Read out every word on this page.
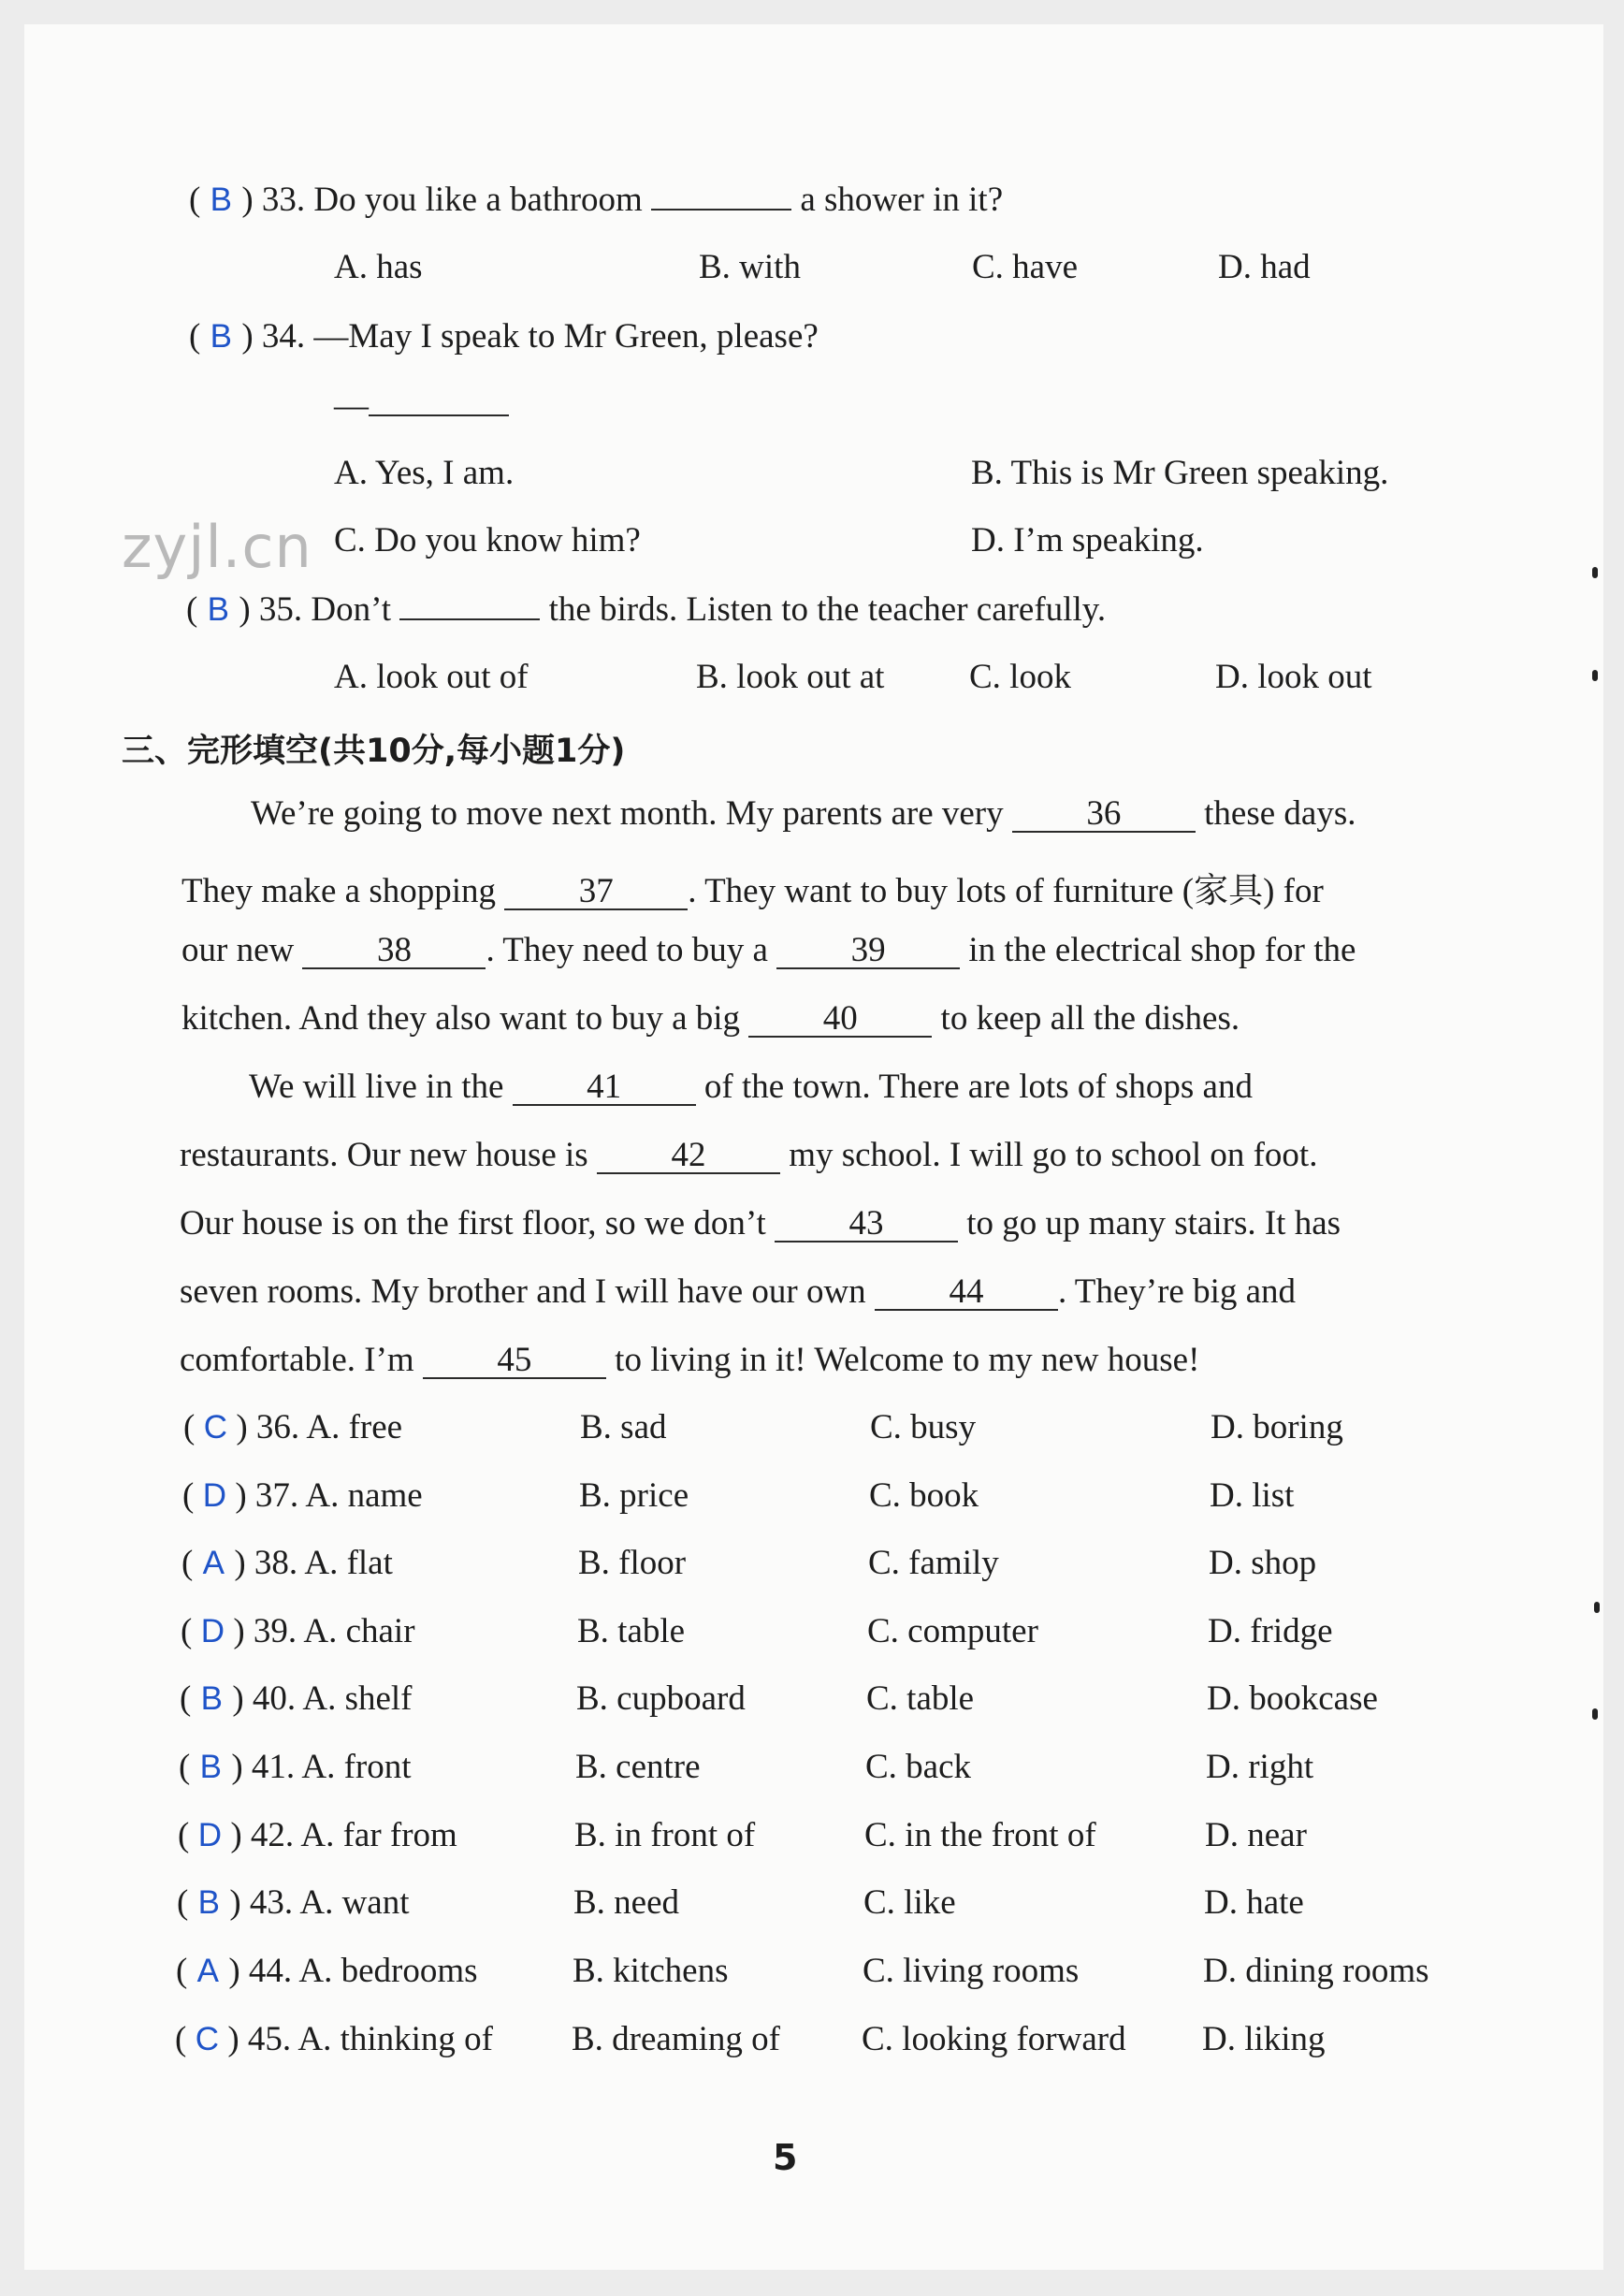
( B ) 33. Do you like a bathroom	a shower in it?
A. has	B. with	C. have	D. had
( B ) 34. —May I speak to Mr Green, please?
—
A. Yes, I am.	B. This is Mr Green speaking.
C. Do you know him?	D. I’m speaking.
zyjl.cn
( B ) 35. Don’t	the birds. Listen to the teacher carefully.
A. look out of	B. look out at C. look	D. look out
三、完形填空(共10分,每小题1分)
We’re going to move next month. My parents are very 36 these days.
They make a shopping 37 . They want to buy lots of furniture (家具) for
our new 38 . They need to buy a 39 in the electrical shop for the
kitchen. And they also want to buy a big 40 to keep all the dishes.
We will live in the 41 of the town. There are lots of shops and
restaurants. Our new house is 42 my school. I will go to school on foot.
Our house is on the first floor, so we don’t 43 to go up many stairs. It has
seven rooms. My brother and I will have our own 44 . They’re big and
comfortable. I’m 45 to living in it! Welcome to my new house!
( C ) 36. A. free	B. sad	C. busy	D. boring
( D ) 37. A. name	B. price	C. book	D. list
( A ) 38. A. flat	B. floor	C. family	D. shop
( D ) 39. A. chair	B. table	C. computer	D. fridge
( B ) 40. A. shelf	B. cupboard	C. table	D. bookcase
( B ) 41. A. front	B. centre	C. back	D. right
( D ) 42. A. far from	B. in front of	C. in the front of	D. near
( B ) 43. A. want	B. need	C. like	D. hate
( A ) 44. A. bedrooms	B. kitchens	C. living rooms	D. dining rooms
( C ) 45. A. thinking of B. dreaming of C. looking forward D. liking
5
